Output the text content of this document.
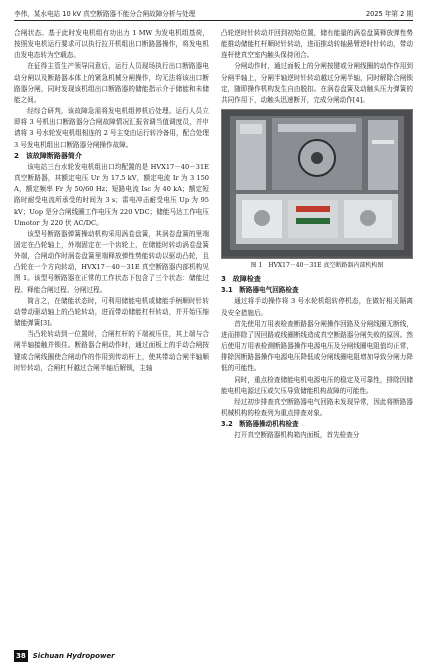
李伟，某水电站 10 kV 真空断路器不能分合闸故障分析与处理	2025 年第 2 期

合闸状态。基于此时发电机组有功出力 1 MW 为发电机组基荷，按照发电机运行要求可以执行拉开机组出口断路器操作，将发电机由发电态转为空载态。

在征得主管生产领导同意后，运行人员现场执行出口断路器电动分闸以及断路器本体上的紧急机械分闸操作，均无法将该出口断路器分闸，同时发现该机组出口断路器的储能指示介于储能和未储能之间。

经综合研判，该故障急需将发电机组停机后处理。运行人员立即将 3 号机出口断路器分合闸故障情况汇报省调当值调度员，并申请将 3 号水轮发电机组相连的 2 号主变由运行转冷备用，配合处理 3 号发电机组出口断路器分闸操作故障。

2　该故障断路器简介

该电站三台水轮发电机组出口均配置的是 HVX17－40－31E 真空断路器，其额定电压 Ur 为 17.5 kV，额定电流 Ir 为 3 150 A，额定频率 Fr 为 50/60 Hz；短路电流 Isc 为 40 kA；额定短路时耐受电流所承受的时间为 3 s；雷电冲击耐受电压 Up 为 95 kV；Uop 是分合闸线圈工作电压为 220 VDC；储能马达工作电压 Umotor 为 220 伏 AC/DC。

该型号断路器弹簧操动机构采用涡卷盘簧，其涡卷盘簧的里端固定在凸轮轴上，外端固定在一个齿轮上，在储能时转动涡卷盘簧外端，合闸动作时涡卷盘簧里端释放弹性势能转动以驱动凸轮，且凸轮在一个方向转动，HVX17－40－31E 真空断路器内部机构见图 1。该型号断路器在正常的工作状态下包含了三个状态：储能过程、释能合闸过程、分闸过程。

简言之，在储能状态时，可利用储能电机或储能手柄顺时针转动带动驱动轴上的凸轮转动，进而带动储能杠杆转动，并开始压缩储能弹簧[3]。

当凸轮转动到一位置时，合闸杠杆的下端被压住，其上端与合闸半轴接触并锁住。断路器合闸动作时，通过面板上的手动合闸按键或合闸线圈使合闸动作的作用到传动杆上，使其带动合闸半轴顺时针转动，合闸杠杆越过合闸半轴后解锁，主轴

凸轮逆时针转动并回到初始位置，储有能量的涡卷盘簧释放弹性势能推动储能杠杆顺时针转动，进而推动转轴悬臂逆时针转动，带动连杆使真空室内触头保持闭合。

分闸动作时，通过面板上的分闸按键或分闸线圈的动作作用到分闸半轴上，分闸半轴逆时针转动越过分闸半轴，同时解除合闸锁定，随即操作机构发生自由脱扣。在涡卷盘簧及动触头压力弹簧的共同作用下，动触头迅速断开，完成分闸动作[4]。

图 1　HVX17－40－31E 真空断路器内部机构图
3　故障检查
3.1　断路器电气回路检查

通过将手动操作将 3 号水轮机组转停机态，在做好相关隔离及安全措施后。

首先使用万用表检查断路器分闸操作回路及分闸线圈无断线，进而排除了因回路或线圈断线造成真空断路器分闸失败的原因。然后使用万用表检测断路器操作电源电压及分闸线圈电阻值均正常，排除因断路器操作电源电压降低或分闸线圈电阻增加导致分闸力降低的可能性。

同时，重点检查储能电机电源电压的稳定及可靠性，排除因储能电机电源过压或欠压导致储能机构故障的可能性。

经过初步排查真空断路器电气回路未发现异常，因此将断路器机械机构的检查列为重点排查对象。

3.2　断路器操动机构检查

打开真空断路器机构箱内面板，首先检查分

38 Sichuan Hydropower
